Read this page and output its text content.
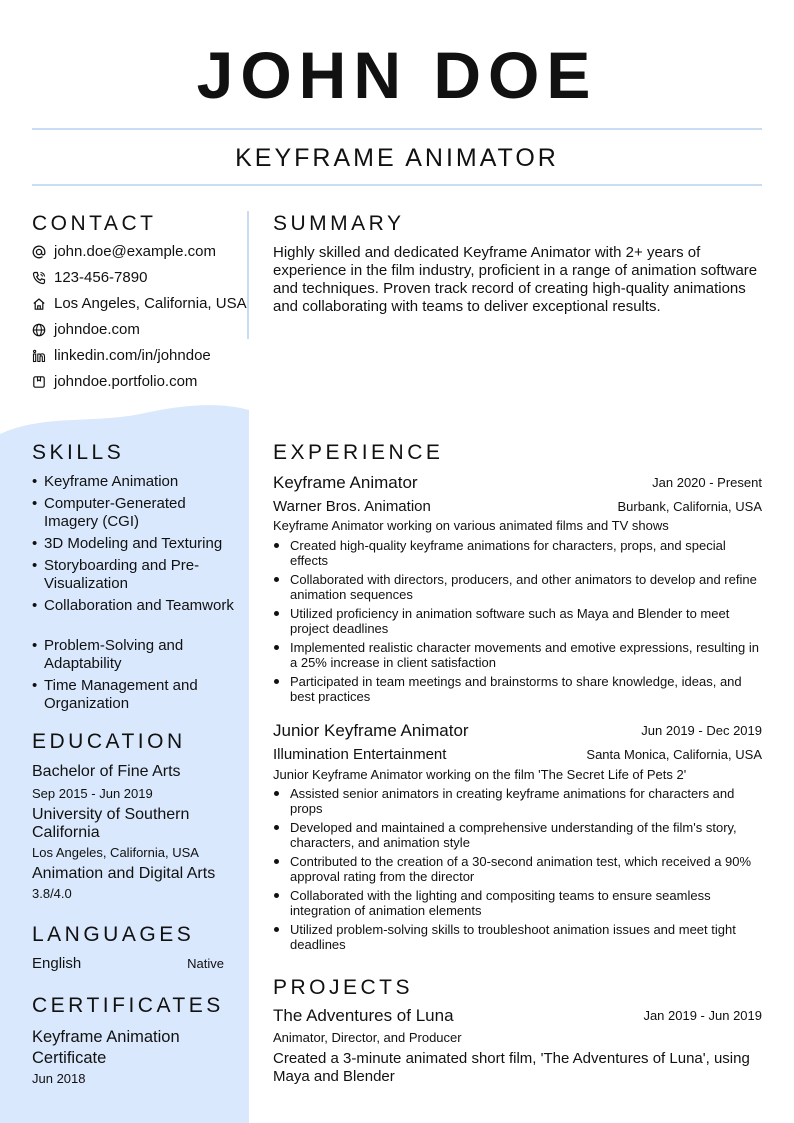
JOHN DOE
KEYFRAME ANIMATOR
CONTACT
john.doe@example.com
123-456-7890
Los Angeles, California, USA
johndoe.com
linkedin.com/in/johndoe
johndoe.portfolio.com
SKILLS
• Keyframe Animation
• Computer-Generated Imagery (CGI)
• 3D Modeling and Texturing
• Storyboarding and Pre-Visualization
• Collaboration and Teamwork
• Problem-Solving and Adaptability
• Time Management and Organization
EDUCATION
Bachelor of Fine Arts
Sep 2015 - Jun 2019
University of Southern California
Los Angeles, California, USA
Animation and Digital Arts
3.8/4.0
LANGUAGES
English	Native
CERTIFICATES
Keyframe Animation Certificate
Jun 2018
SUMMARY
Highly skilled and dedicated Keyframe Animator with 2+ years of experience in the film industry, proficient in a range of animation software and techniques. Proven track record of creating high-quality animations and collaborating with teams to deliver exceptional results.
EXPERIENCE
Keyframe Animator	Jan 2020 - Present
Warner Bros. Animation	Burbank, California, USA
Keyframe Animator working on various animated films and TV shows
Created high-quality keyframe animations for characters, props, and special effects
Collaborated with directors, producers, and other animators to develop and refine animation sequences
Utilized proficiency in animation software such as Maya and Blender to meet project deadlines
Implemented realistic character movements and emotive expressions, resulting in a 25% increase in client satisfaction
Participated in team meetings and brainstorms to share knowledge, ideas, and best practices
Junior Keyframe Animator	Jun 2019 - Dec 2019
Illumination Entertainment	Santa Monica, California, USA
Junior Keyframe Animator working on the film 'The Secret Life of Pets 2'
Assisted senior animators in creating keyframe animations for characters and props
Developed and maintained a comprehensive understanding of the film's story, characters, and animation style
Contributed to the creation of a 30-second animation test, which received a 90% approval rating from the director
Collaborated with the lighting and compositing teams to ensure seamless integration of animation elements
Utilized problem-solving skills to troubleshoot animation issues and meet tight deadlines
PROJECTS
The Adventures of Luna	Jan 2019 - Jun 2019
Animator, Director, and Producer
Created a 3-minute animated short film, 'The Adventures of Luna', using Maya and Blender
